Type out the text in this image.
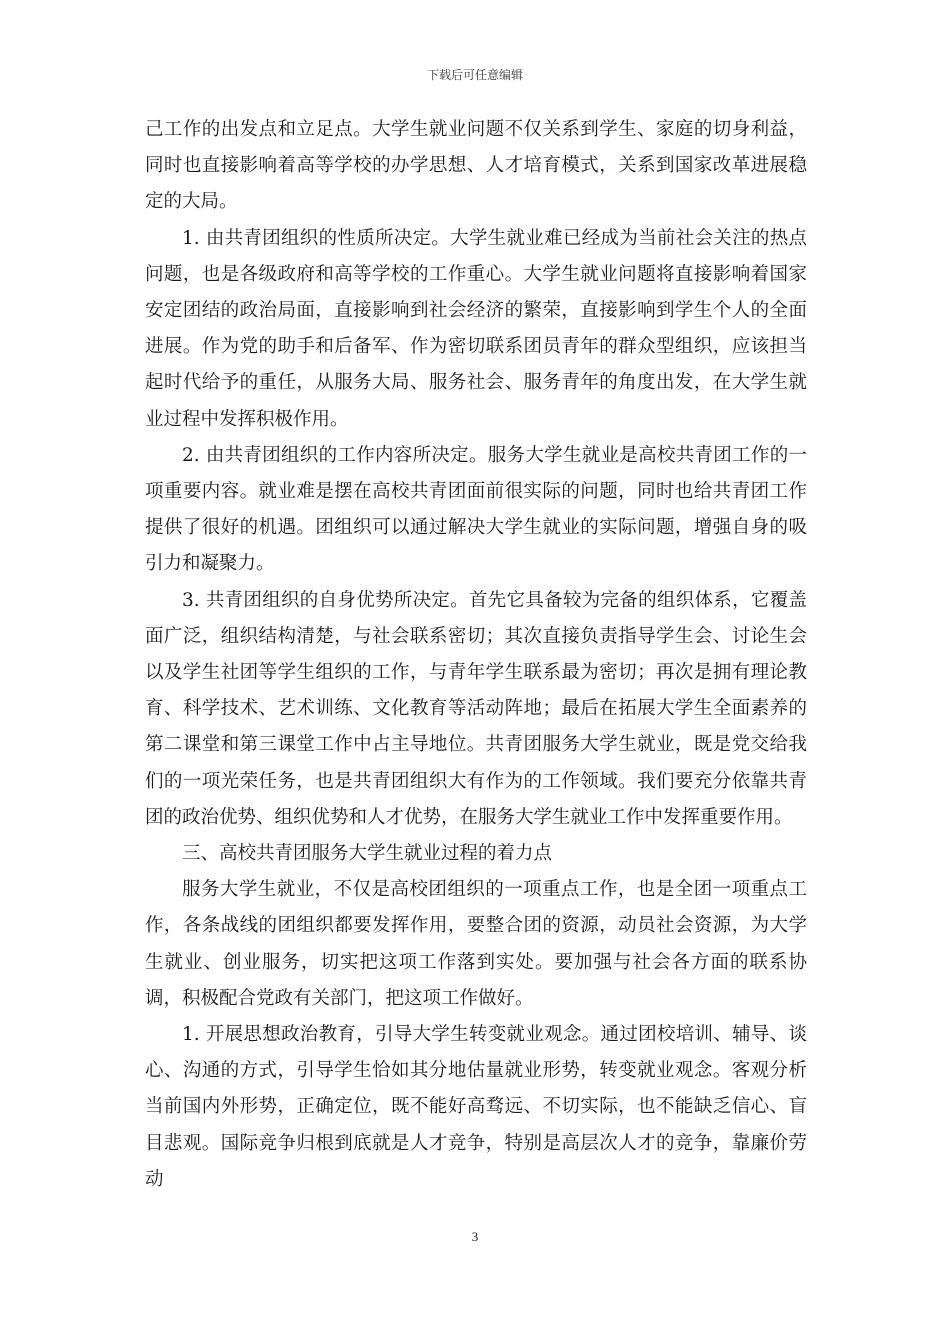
下载后可任意编辑

己工作的出发点和立足点。大学生就业问题不仅关系到学生、家庭的切身利益，同时也直接影响着高等学校的办学思想、人才培育模式，关系到国家改革进展稳定的大局。

1. 由共青团组织的性质所决定。大学生就业难已经成为当前社会关注的热点问题，也是各级政府和高等学校的工作重心。大学生就业问题将直接影响着国家安定团结的政治局面，直接影响到社会经济的繁荣，直接影响到学生个人的全面进展。作为党的助手和后备军、作为密切联系团员青年的群众型组织，应该担当起时代给予的重任，从服务大局、服务社会、服务青年的角度出发，在大学生就业过程中发挥积极作用。

2. 由共青团组织的工作内容所决定。服务大学生就业是高校共青团工作的一项重要内容。就业难是摆在高校共青团面前很实际的问题，同时也给共青团工作提供了很好的机遇。团组织可以通过解决大学生就业的实际问题，增强自身的吸引力和凝聚力。

3. 共青团组织的自身优势所决定。首先它具备较为完备的组织体系，它覆盖面广泛，组织结构清楚，与社会联系密切；其次直接负责指导学生会、讨论生会以及学生社团等学生组织的工作，与青年学生联系最为密切；再次是拥有理论教育、科学技术、艺术训练、文化教育等活动阵地；最后在拓展大学生全面素养的第二课堂和第三课堂工作中占主导地位。共青团服务大学生就业，既是党交给我们的一项光荣任务，也是共青团组织大有作为的工作领域。我们要充分依靠共青团的政治优势、组织优势和人才优势，在服务大学生就业工作中发挥重要作用。

三、高校共青团服务大学生就业过程的着力点

服务大学生就业，不仅是高校团组织的一项重点工作，也是全团一项重点工作，各条战线的团组织都要发挥作用，要整合团的资源，动员社会资源，为大学生就业、创业服务，切实把这项工作落到实处。要加强与社会各方面的联系协调，积极配合党政有关部门，把这项工作做好。

1. 开展思想政治教育，引导大学生转变就业观念。通过团校培训、辅导、谈心、沟通的方式，引导学生恰如其分地估量就业形势，转变就业观念。客观分析当前国内外形势，正确定位，既不能好高骛远、不切实际，也不能缺乏信心、盲目悲观。国际竞争归根到底就是人才竞争，特别是高层次人才的竞争，靠廉价劳动

3
